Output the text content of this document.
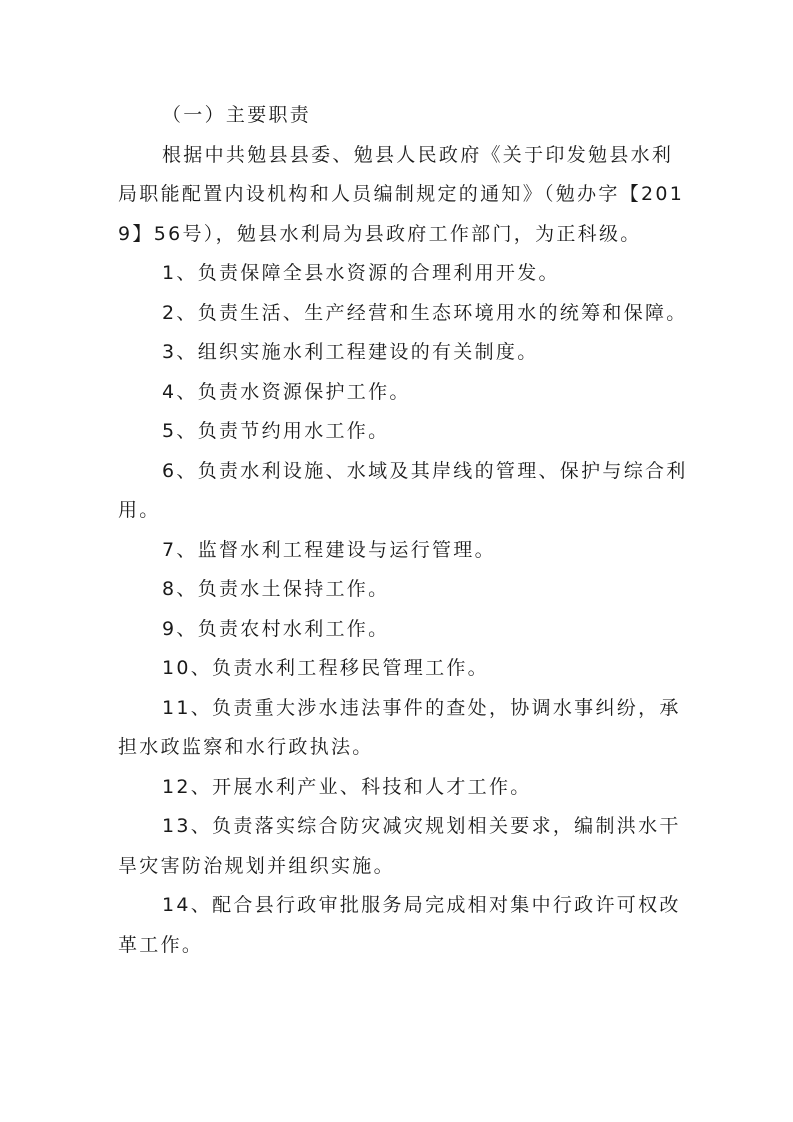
（一）主要职责

根据中共勉县县委、勉县人民政府《关于印发勉县水利局职能配置内设机构和人员编制规定的通知》（勉办字【2019】56号），勉县水利局为县政府工作部门，为正科级。

1、负责保障全县水资源的合理利用开发。

2、负责生活、生产经营和生态环境用水的统筹和保障。

3、组织实施水利工程建设的有关制度。

4、负责水资源保护工作。

5、负责节约用水工作。

6、负责水利设施、水域及其岸线的管理、保护与综合利用。

7、监督水利工程建设与运行管理。

8、负责水土保持工作。

9、负责农村水利工作。

10、负责水利工程移民管理工作。

11、负责重大涉水违法事件的查处，协调水事纠纷，承担水政监察和水行政执法。

12、开展水利产业、科技和人才工作。

13、负责落实综合防灾减灾规划相关要求，编制洪水干旱灾害防治规划并组织实施。

14、配合县行政审批服务局完成相对集中行政许可权改革工作。
